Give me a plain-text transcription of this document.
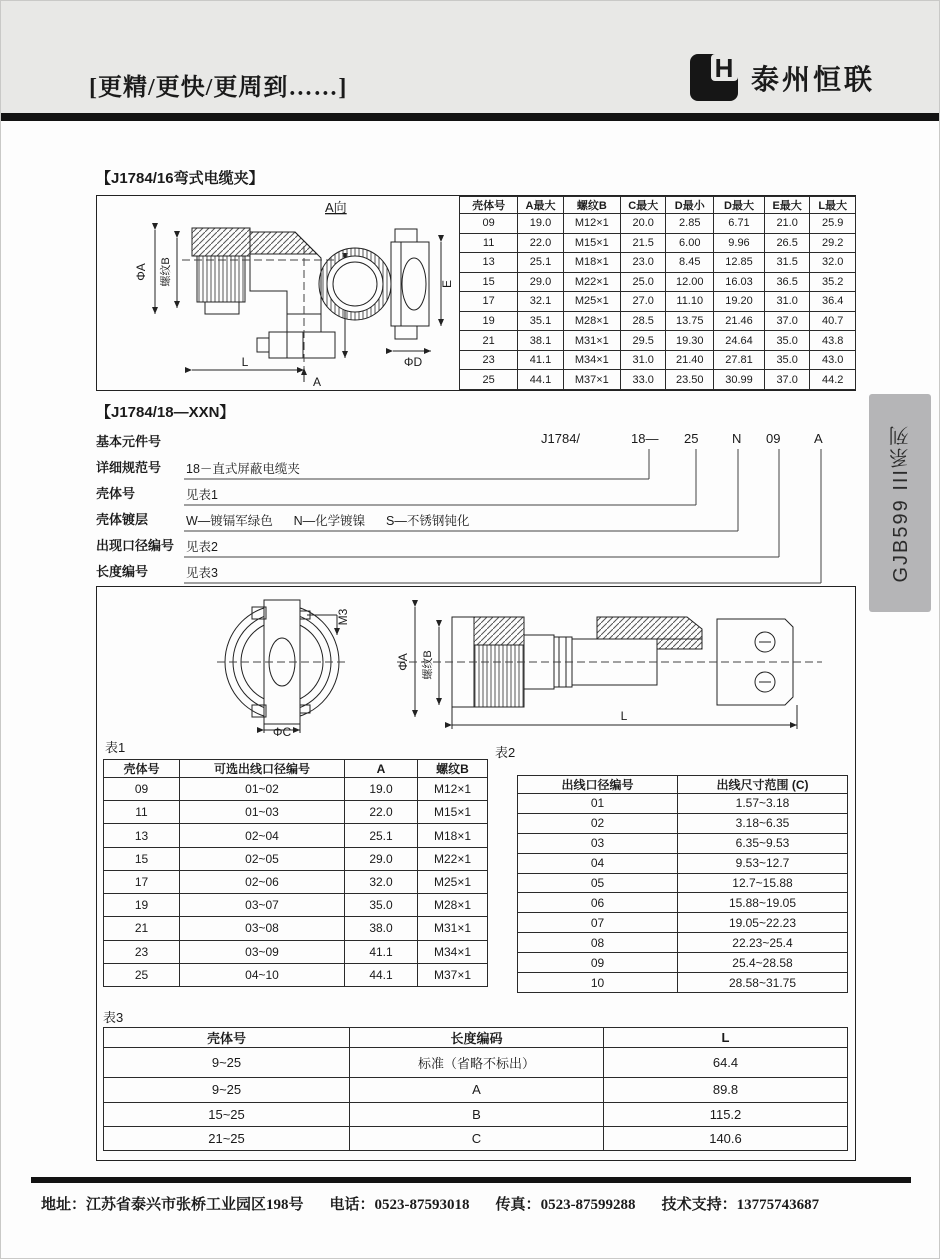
[更精/更快/更周到……]
H 泰州恒联
【J1784/16弯式电缆夹】
A向
ΦA 螺纹B
L
A
E
ΦD
壳体号	A最大	螺纹B	C最大	D最小	D最大	E最大	L最大
09	19.0	M12×1	20.0	2.85	6.71	21.0	25.9
11	22.0	M15×1	21.5	6.00	9.96	26.5	29.2
13	25.1	M18×1	23.0	8.45	12.85	31.5	32.0
15	29.0	M22×1	25.0	12.00	16.03	36.5	35.2
17	32.1	M25×1	27.0	11.10	19.20	31.0	36.4
19	35.1	M28×1	28.5	13.75	21.46	37.0	40.7
21	38.1	M31×1	29.5	19.30	24.64	35.0	43.8
23	41.1	M34×1	31.0	21.40	27.81	35.0	43.0
25	44.1	M37×1	33.0	23.50	30.99	37.0	44.2
【J1784/18—XXN】
基本元件号
详细规范号
壳体号
壳体镀层
出现口径编号
长度编号
18－直式屏蔽电缆夹
见表1
W—镀镉军绿色      N—化学镀镍      S—不锈钢钝化
见表2
见表3
J1784/	18— 25	N 09	A
M3
ΦC
ΦA 螺纹B
L
表1
壳体号	可选出线口径编号	A	螺纹B
09	01~02	19.0	M12×1
11	01~03	22.0	M15×1
13	02~04	25.1	M18×1
15	02~05	29.0	M22×1
17	02~06	32.0	M25×1
19	03~07	35.0	M28×1
21	03~08	38.0	M31×1
23	03~09	41.1	M34×1
25	04~10	44.1	M37×1
表2
出线口径编号	出线尺寸范围 (C)
01	1.57~3.18
02	3.18~6.35
03	6.35~9.53
04	9.53~12.7
05	12.7~15.88
06	15.88~19.05
07	19.05~22.23
08	22.23~25.4
09	25.4~28.58
10	28.58~31.75
表3
壳体号	长度编码	L
9~25	标准（省略不标出）	64.4
9~25	A	89.8
15~25	B	115.2
21~25	C	140.6
GJB599 III系列
地址：江苏省泰兴市张桥工业园区198号 电话：0523-87593018 传真：0523-87599288 技术支持：13775743687
